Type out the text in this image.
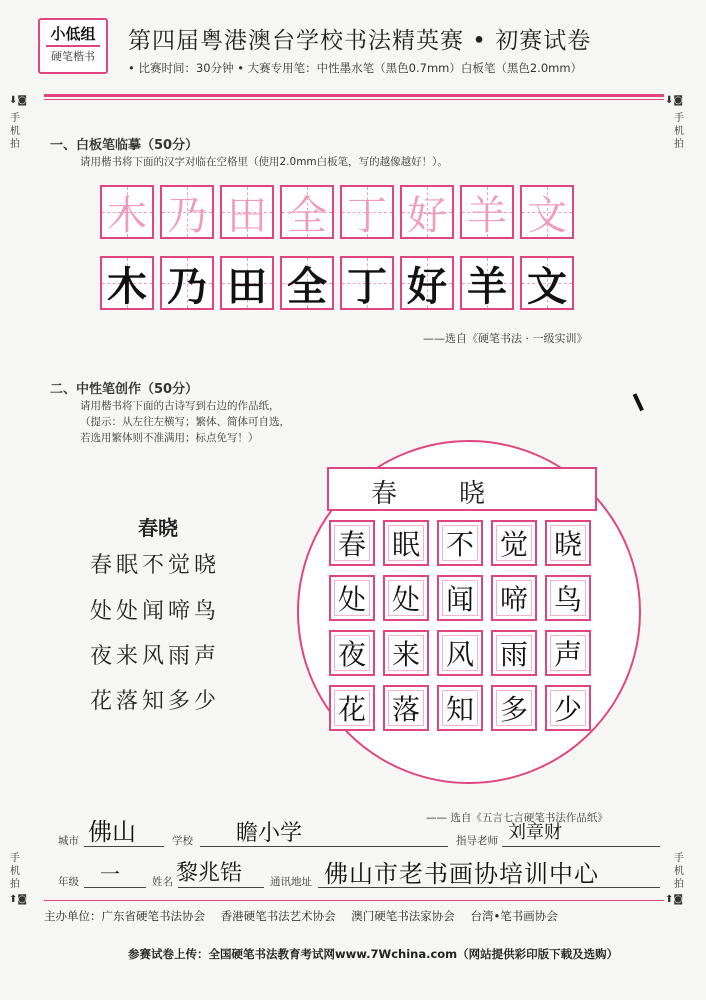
小低组
硬笔楷书
第四届粤港澳台学校书法精英赛 • 初赛试卷
• 比赛时间：30分钟 • 大赛专用笔：中性墨水笔（黑色0.7mm）白板笔（黑色2.0mm）
⬇◙
手机拍
⬇◙
手机拍
手机拍
⬆◙
手机拍
⬆◙
一、白板笔临摹（50分）
请用楷书将下面的汉字对临在空格里（使用2.0mm白板笔，写的越像越好！）。
木 乃 田 全 丁 好 羊 文
木 乃 田 全 丁 好 羊 文
——选自《硬笔书法 · 一级实训》
二、中性笔创作（50分）
请用楷书将下面的古诗写到右边的作品纸，
（提示：从左往左横写；繁体、简体可自选，
若选用繁体则不准满用；标点免写！）
春晓
春眠不觉晓
处处闻啼鸟
夜来风雨声
花落知多少
春 晓
春 眠 不 觉 晓
处 处 闻 啼 鸟
夜 来 风 雨 声
花 落 知 多 少
—— 选自《五言七言硬笔书法作品纸》
城市 佛山	学校 瞻小学	指导老师 刘章财
年级 一	姓名 黎兆锆	通讯地址 佛山市老书画协培训中心
主办单位：广东省硬笔书法协会 香港硬笔书法艺术协会 澳门硬笔书法家协会 台湾•笔书画协会
参赛试卷上传：全国硬笔书法教育考试网www.7Wchina.com（网站提供彩印版下载及选购）
